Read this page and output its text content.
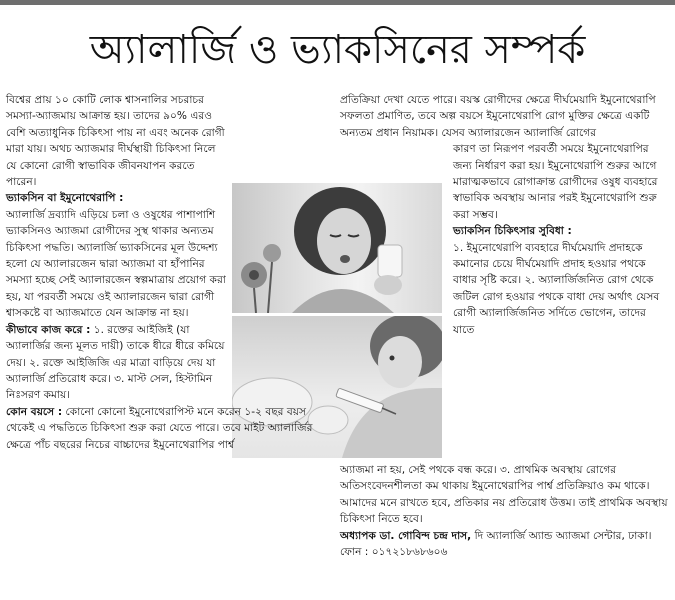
অ্যালার্জি ও ভ্যাকসিনের সম্পর্ক

বিশ্বের প্রায় ১০ কোটি লোক শ্বাসনালির সচরাচর সমস্যা-অ্যাজমায় আক্রান্ত হয়। তাদের ৯০% এরও বেশি অত্যাধুনিক চিকিৎসা পায় না এবং অনেক রোগী মারা যায়। অথচ অ্যাজমার দীর্ঘস্থায়ী চিকিৎসা নিলে যে কোনো রোগী স্বাভাবিক জীবনযাপন করতে পারেন।

ভ্যাকসিন বা ইমুনোথেরাপি :

অ্যালার্জি দ্রব্যাদি এড়িয়ে চলা ও ওষুধের পাশাপাশি ভ্যাকসিনও অ্যাজমা রোগীদের সুস্থ থাকার অন্যতম চিকিৎসা পদ্ধতি। অ্যালার্জি ভ্যাকসিনের মূল উদ্দেশ্য হলো যে অ্যালারজেন দ্বারা অ্যাজমা বা হাঁপানির সমস্যা হচ্ছে সেই অ্যালারজেন স্বল্পমাত্রায় প্রয়োগ করা হয়, যা পরবর্তী সময়ে ওই অ্যালারজেন দ্বারা রোগী শ্বাসকষ্টে বা অ্যাজমাতে যেন আক্রান্ত না হয়।

কীভাবে কাজ করে : ১. রক্তের আইজিই (যা অ্যালার্জির জন্য মূলত দায়ী) তাকে ধীরে ধীরে কমিয়ে দেয়। ২. রক্তে আইজিজি এর মাত্রা বাড়িয়ে দেয় যা অ্যালার্জি প্রতিরোধ করে। ৩. মাস্ট সেল, হিস্টামিন নিঃসরণ কমায়।

কোন বয়সে : কোনো কোনো ইমুনোথেরাপিস্ট মনে করেন ১-২ বছর বয়স থেকেই এ পদ্ধতিতে চিকিৎসা শুরু করা যেতে পারে। তবে মাইট অ্যালার্জির ক্ষেত্রে পাঁচ বছরের নিচের বাচ্চাদের ইমুনোথেরাপির পার্শ্ব

প্রতিক্রিয়া দেখা যেতে পারে। বয়স্ক রোগীদের ক্ষেত্রে দীর্ঘমেয়াদি ইমুনোথেরাপি সফলতা প্রমাণিত, তবে অল্প বয়সে ইমুনোথেরাপি রোগ মুক্তির ক্ষেত্রে একটি অন্যতম প্রধান নিয়ামক। যেসব অ্যালারজেন অ্যালার্জি রোগের

কারণ তা নিরূপণ পরবর্তী সময়ে ইমুনোথেরাপির জন্য নির্ধারণ করা হয়। ইমুনোথেরাপি শুরুর আগে মারাত্মকভাবে রোগাক্রান্ত রোগীদের ওষুধ ব্যবহারে স্বাভাবিক অবস্থায় আনার পরই ইমুনোথেরাপি শুরু করা সম্ভব।

ভ্যাকসিন চিকিৎসার সুবিধা :

১. ইমুনোথেরাপি ব্যবহারে দীর্ঘমেয়াদি প্রদাহকে কমানোর চেয়ে দীর্ঘমেয়াদি প্রদাহ হওয়ার পথকে বাধার সৃষ্টি করে। ২. অ্যালার্জিজনিত রোগ থেকে জটিল রোগ হওয়ার পথকে বাধা দেয় অর্থাৎ যেসব রোগী অ্যালার্জিজনিত সর্দিতে ভোগেন, তাদের যাতে

অ্যাজমা না হয়, সেই পথকে বন্ধ করে। ৩. প্রাথমিক অবস্থায় রোগের অতিসংবেদনশীলতা কম থাকায় ইমুনোথেরাপির পার্শ্ব প্রতিক্রিয়াও কম থাকে। আমাদের মনে রাখতে হবে, প্রতিকার নয় প্রতিরোধ উত্তম। তাই প্রাথমিক অবস্থায় চিকিৎসা নিতে হবে।

অধ্যাপক ডা. গোবিন্দ চন্দ্র দাস, দি অ্যালার্জি অ্যান্ড অ্যাজমা সেন্টার, ঢাকা। ফোন : ০১৭২১৮৬৮৬০৬
